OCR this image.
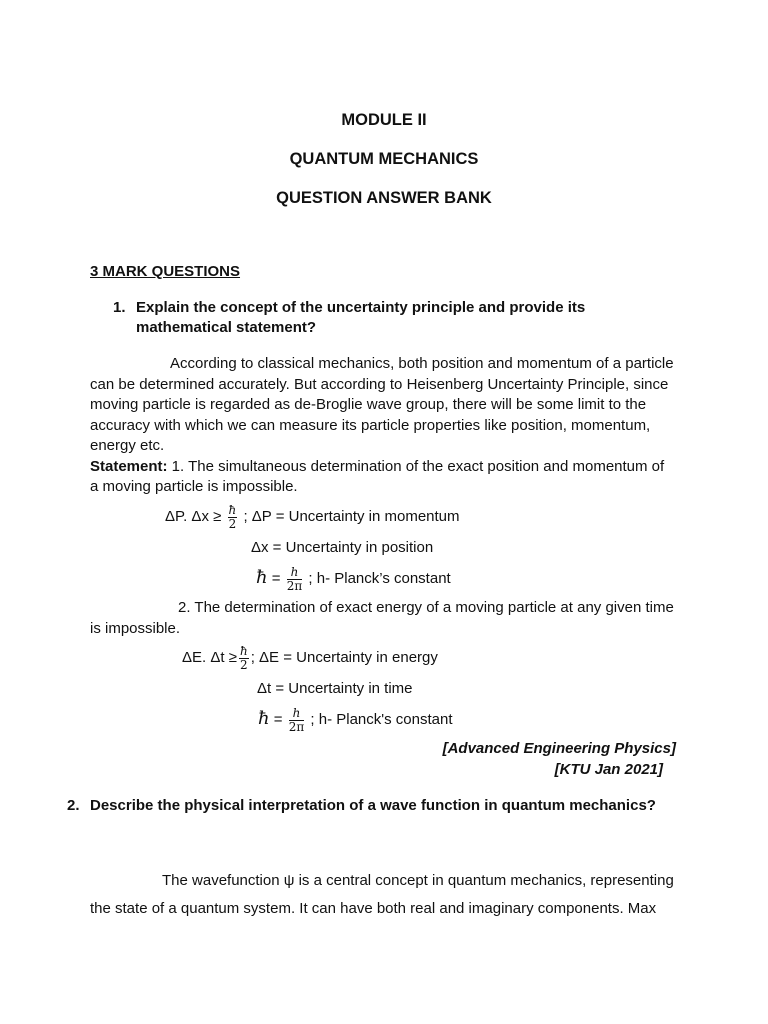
MODULE II
QUANTUM MECHANICS
QUESTION ANSWER BANK
3 MARK QUESTIONS
1. Explain the concept of the uncertainty principle and provide its
mathematical statement?
According to classical mechanics, both position and momentum of a particle
can be determined accurately. But according to Heisenberg Uncertainty Principle, since
moving particle is regarded as de-Broglie wave group, there will be some limit to the
accuracy with which we can measure its particle properties like position, momentum,
energy etc.
Statement: 1. The simultaneous determination of the exact position and momentum of
a moving particle is impossible.
ΔP. $\Delta x \ge \frac{ħ}{2}$ ; ΔP = Uncertainty in momentum
Δx = Uncertainty in position
ħ = $\frac{h}{2\pi}$ ; h- Planck’s constant
2. The determination of exact energy of a moving particle at any given time
is impossible.
ΔE. $\Delta t \ge \frac{ħ}{2}$ ; ΔE = Uncertainty in energy
Δt = Uncertainty in time
ħ = $\frac{h}{2\pi}$ ; h- Planck's constant
[Advanced Engineering Physics]
[KTU Jan 2021]
2. Describe the physical interpretation of a wave function in quantum mechanics?
The wavefunction ψ is a central concept in quantum mechanics, representing
the state of a quantum system. It can have both real and imaginary components. Max
